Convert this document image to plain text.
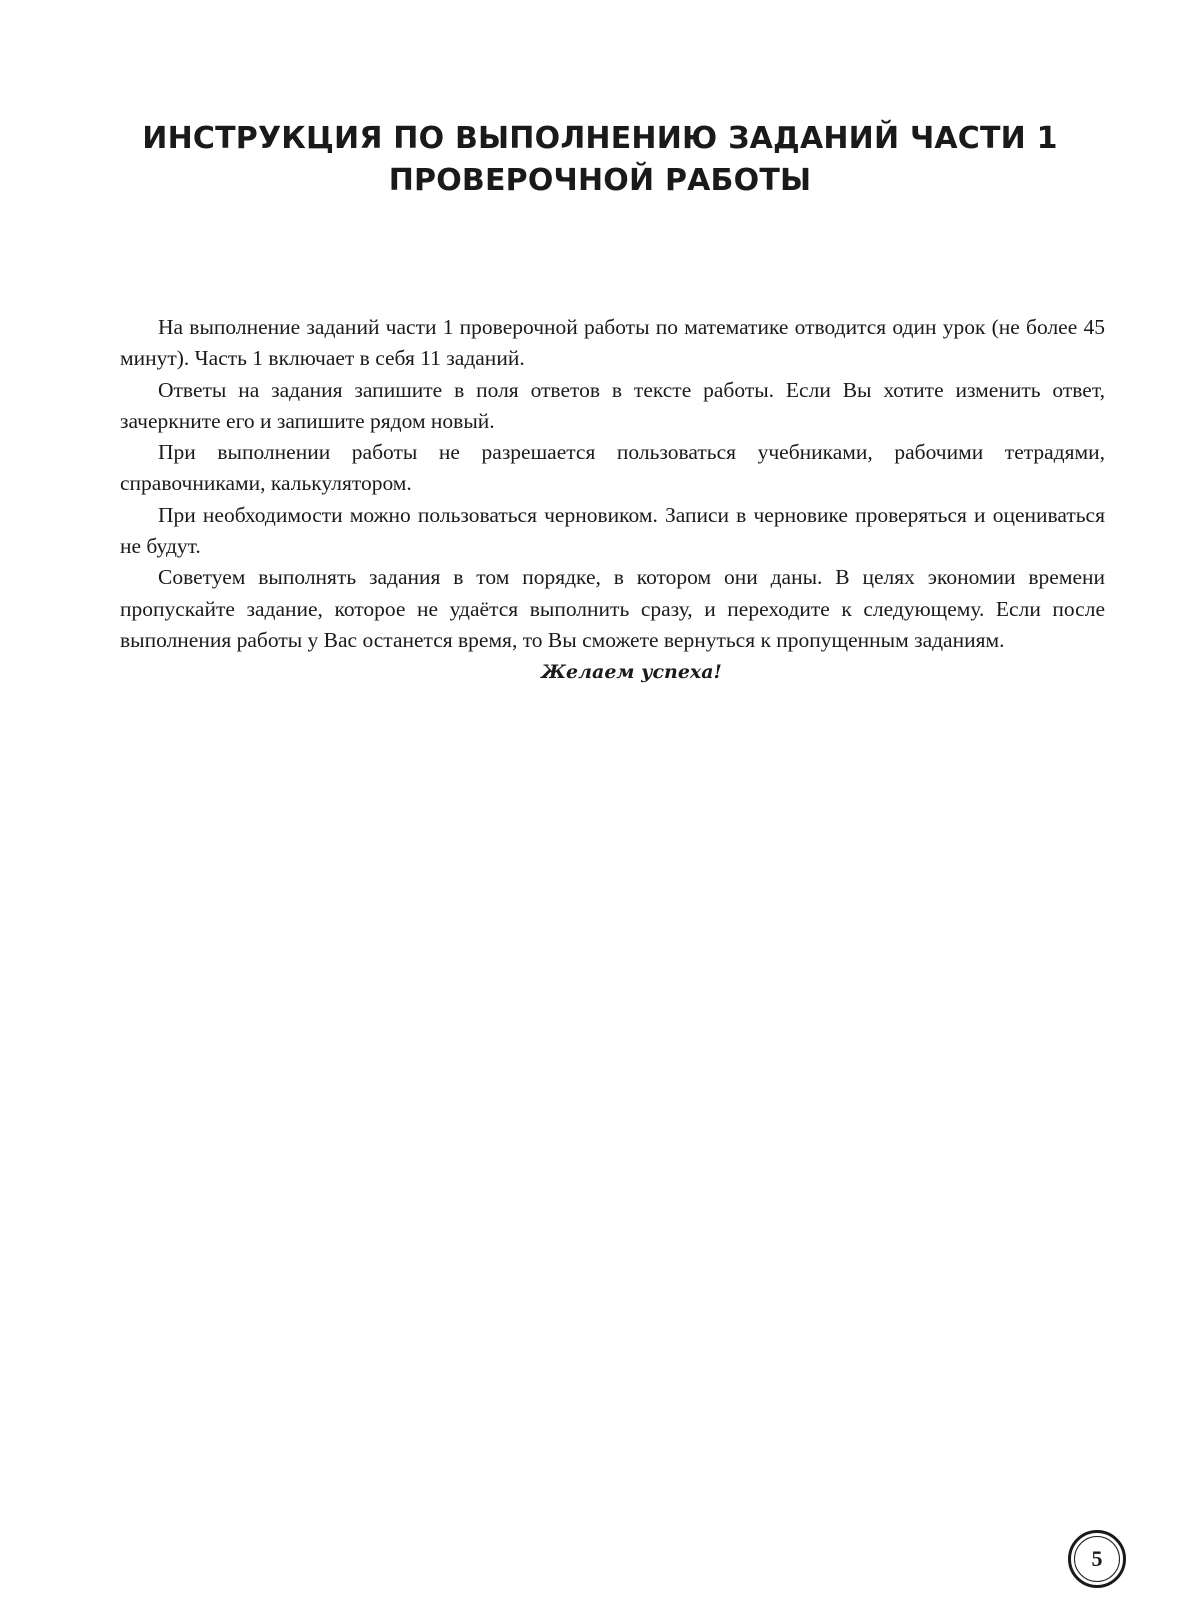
ИНСТРУКЦИЯ ПО ВЫПОЛНЕНИЮ ЗАДАНИЙ ЧАСТИ 1
ПРОВЕРОЧНОЙ РАБОТЫ

На выполнение заданий части 1 проверочной работы по математике отводится один урок (не более 45 минут). Часть 1 включает в себя 11 заданий.

Ответы на задания запишите в поля ответов в тексте работы. Если Вы хотите изменить ответ, зачеркните его и запишите рядом новый.

При выполнении работы не разрешается пользоваться учебниками, рабочими тетрадями, справочниками, калькулятором.

При необходимости можно пользоваться черновиком. Записи в черновике проверяться и оцениваться не будут.

Советуем выполнять задания в том порядке, в котором они даны. В целях экономии времени пропускайте задание, которое не удаётся выполнить сразу, и переходите к следующему. Если после выполнения работы у Вас останется время, то Вы сможете вернуться к пропущенным заданиям.

Желаем успеха!

5
